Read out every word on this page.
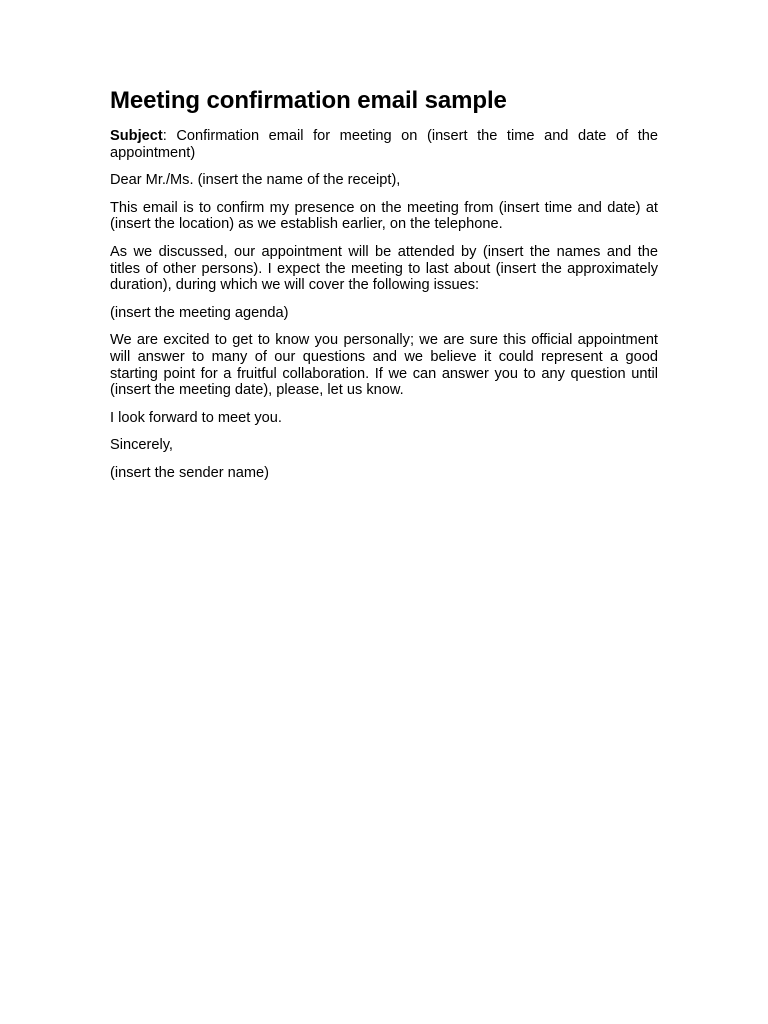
Meeting confirmation email sample

Subject: Confirmation email for meeting on (insert the time and date of the appointment)

Dear Mr./Ms. (insert the name of the receipt),

This email is to confirm my presence on the meeting from (insert time and date) at (insert the location) as we establish earlier, on the telephone.

As we discussed, our appointment will be attended by (insert the names and the titles of other persons). I expect the meeting to last about (insert the approximately duration), during which we will cover the following issues:

(insert the meeting agenda)

We are excited to get to know you personally; we are sure this official appointment will answer to many of our questions and we believe it could represent a good starting point for a fruitful collaboration. If we can answer you to any question until (insert the meeting date), please, let us know.

I look forward to meet you.

Sincerely,

(insert the sender name)
